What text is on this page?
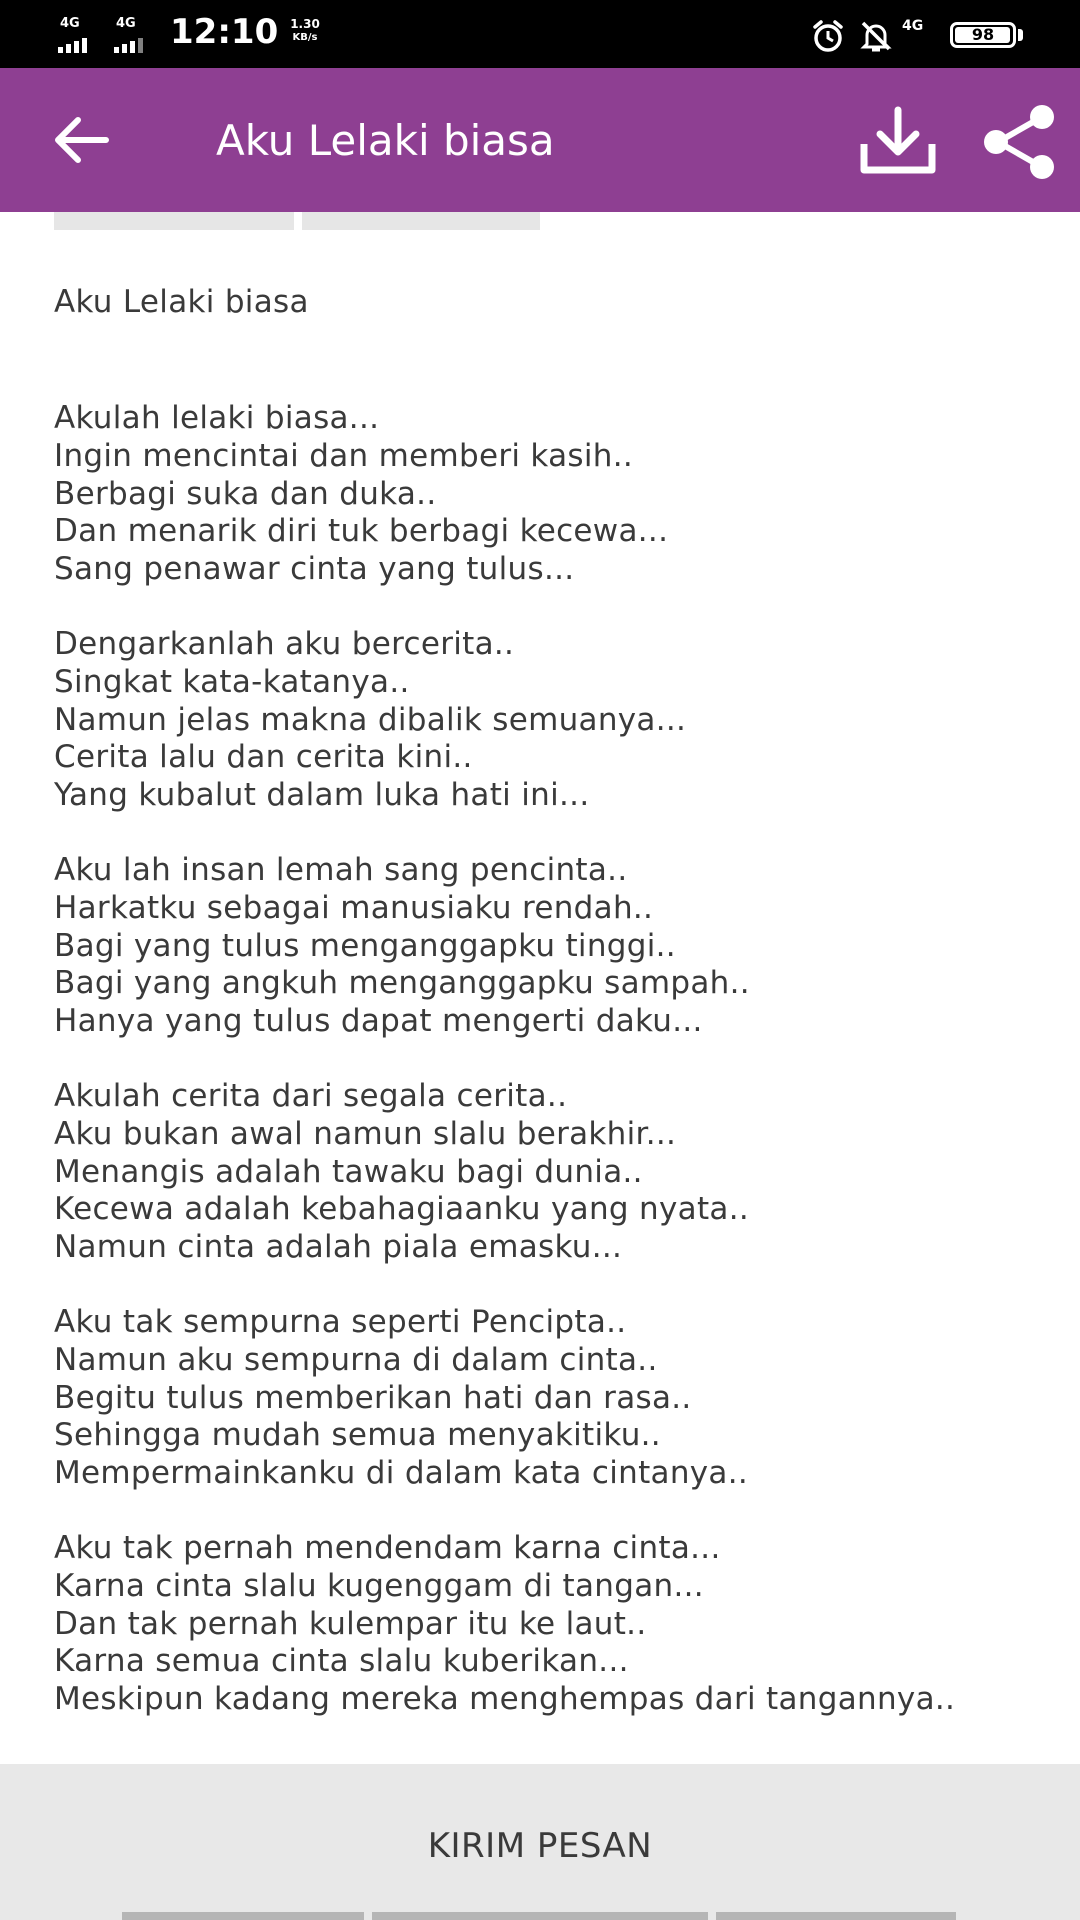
4G	4G 12:10 1.30
KB/s
4G	98
Aku Lelaki biasa
Aku Lelaki biasa
Akulah lelaki biasa...
Ingin mencintai dan memberi kasih..
Berbagi suka dan duka..
Dan menarik diri tuk berbagi kecewa...
Sang penawar cinta yang tulus...
Dengarkanlah aku bercerita..
Singkat kata-katanya..
Namun jelas makna dibalik semuanya...
Cerita lalu dan cerita kini..
Yang kubalut dalam luka hati ini...
Aku lah insan lemah sang pencinta..
Harkatku sebagai manusiaku rendah..
Bagi yang tulus menganggapku tinggi..
Bagi yang angkuh menganggapku sampah..
Hanya yang tulus dapat mengerti daku...
Akulah cerita dari segala cerita..
Aku bukan awal namun slalu berakhir...
Menangis adalah tawaku bagi dunia..
Kecewa adalah kebahagiaanku yang nyata..
Namun cinta adalah piala emasku...
Aku tak sempurna seperti Pencipta..
Namun aku sempurna di dalam cinta..
Begitu tulus memberikan hati dan rasa..
Sehingga mudah semua menyakitiku..
Mempermainkanku di dalam kata cintanya..
Aku tak pernah mendendam karna cinta...
Karna cinta slalu kugenggam di tangan...
Dan tak pernah kulempar itu ke laut..
Karna semua cinta slalu kuberikan...
Meskipun kadang mereka menghempas dari tangannya..
KIRIM PESAN
